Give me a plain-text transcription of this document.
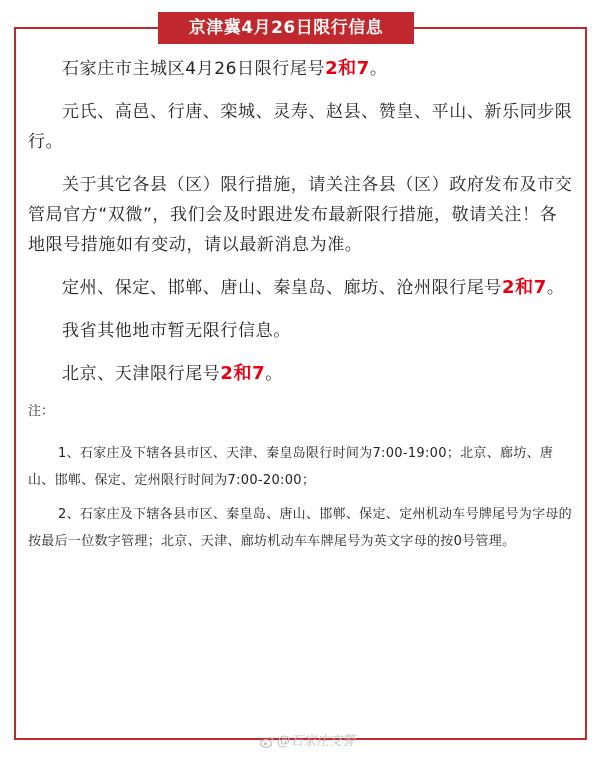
京津冀4月26日限行信息

石家庄市主城区4月26日限行尾号2和7。

元氏、高邑、行唐、栾城、灵寿、赵县、赞皇、平山、新乐同步限行。

关于其它各县（区）限行措施，请关注各县（区）政府发布及市交管局官方“双微”，我们会及时跟进发布最新限行措施，敬请关注！各地限号措施如有变动，请以最新消息为准。

定州、保定、邯郸、唐山、秦皇岛、廊坊、沧州限行尾号2和7。

我省其他地市暂无限行信息。

北京、天津限行尾号2和7。

注：

1、石家庄及下辖各县市区、天津、秦皇岛限行时间为7:00-19:00；北京、廊坊、唐山、邯郸、保定、定州限行时间为7:00-20:00；

2、石家庄及下辖各县市区、秦皇岛、唐山、邯郸、保定、定州机动车号牌尾号为字母的按最后一位数字管理；北京、天津、廊坊机动车车牌尾号为英文字母的按0号管理。

@石家庄交警
